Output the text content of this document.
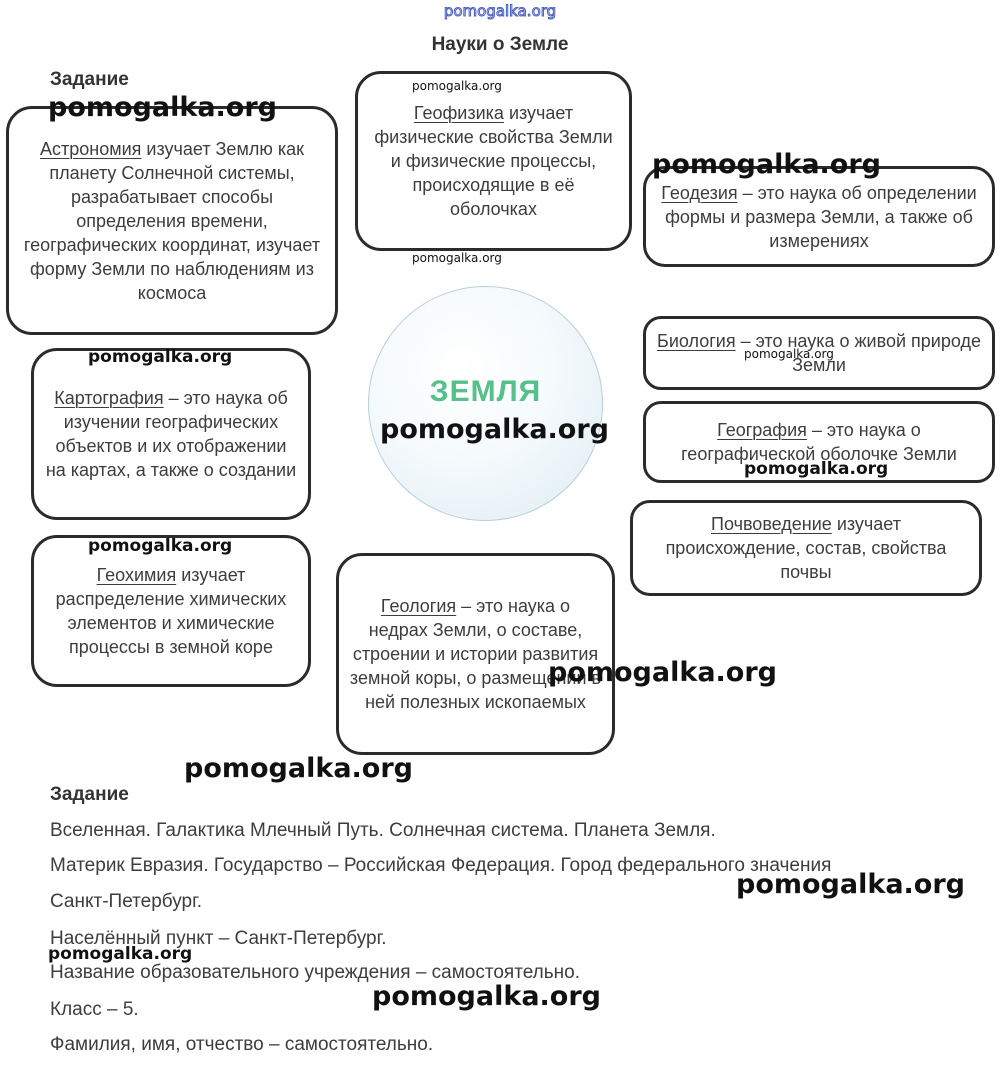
pomogalka.org
Науки о Земле
Задание
Астрономия изучает Землю как планету Солнечной системы, разрабатывает способы определения времени, географических координат, изучает форму Земли по наблюдениям из космоса
Геофизика изучает физические свойства Земли и физические процессы, происходящие в её оболочках
Геодезия – это наука об определении формы и размера Земли, а также об измерениях
Биология – это наука о живой природе Земли
География – это наука о географической оболочке Земли
Картография – это наука об изучении географических объектов и их отображении на картах, а также о создании
Почвоведение изучает происхождение, состав, свойства почвы
Геохимия изучает распределение химических элементов и химические процессы в земной коре
Геология – это наука о недрах Земли, о составе, строении и истории развития земной коры, о размещении в ней полезных ископаемых
ЗЕМЛЯ
Задание
Вселенная. Галактика Млечный Путь. Солнечная система. Планета Земля.
Материк Евразия. Государство – Российская Федерация. Город федерального значения
Санкт-Петербург.
Населённый пункт – Санкт-Петербург.
Название образовательного учреждения – самостоятельно.
Класс – 5.
Фамилия, имя, отчество – самостоятельно.
pomogalka.org
pomogalka.org
pomogalka.org
pomogalka.org
pomogalka.org	pomogalka.org
pomogalka.org
pomogalka.org
pomogalka.org
pomogalka.org
pomogalka.org
pomogalka.org
pomogalka.org
pomogalka.org
